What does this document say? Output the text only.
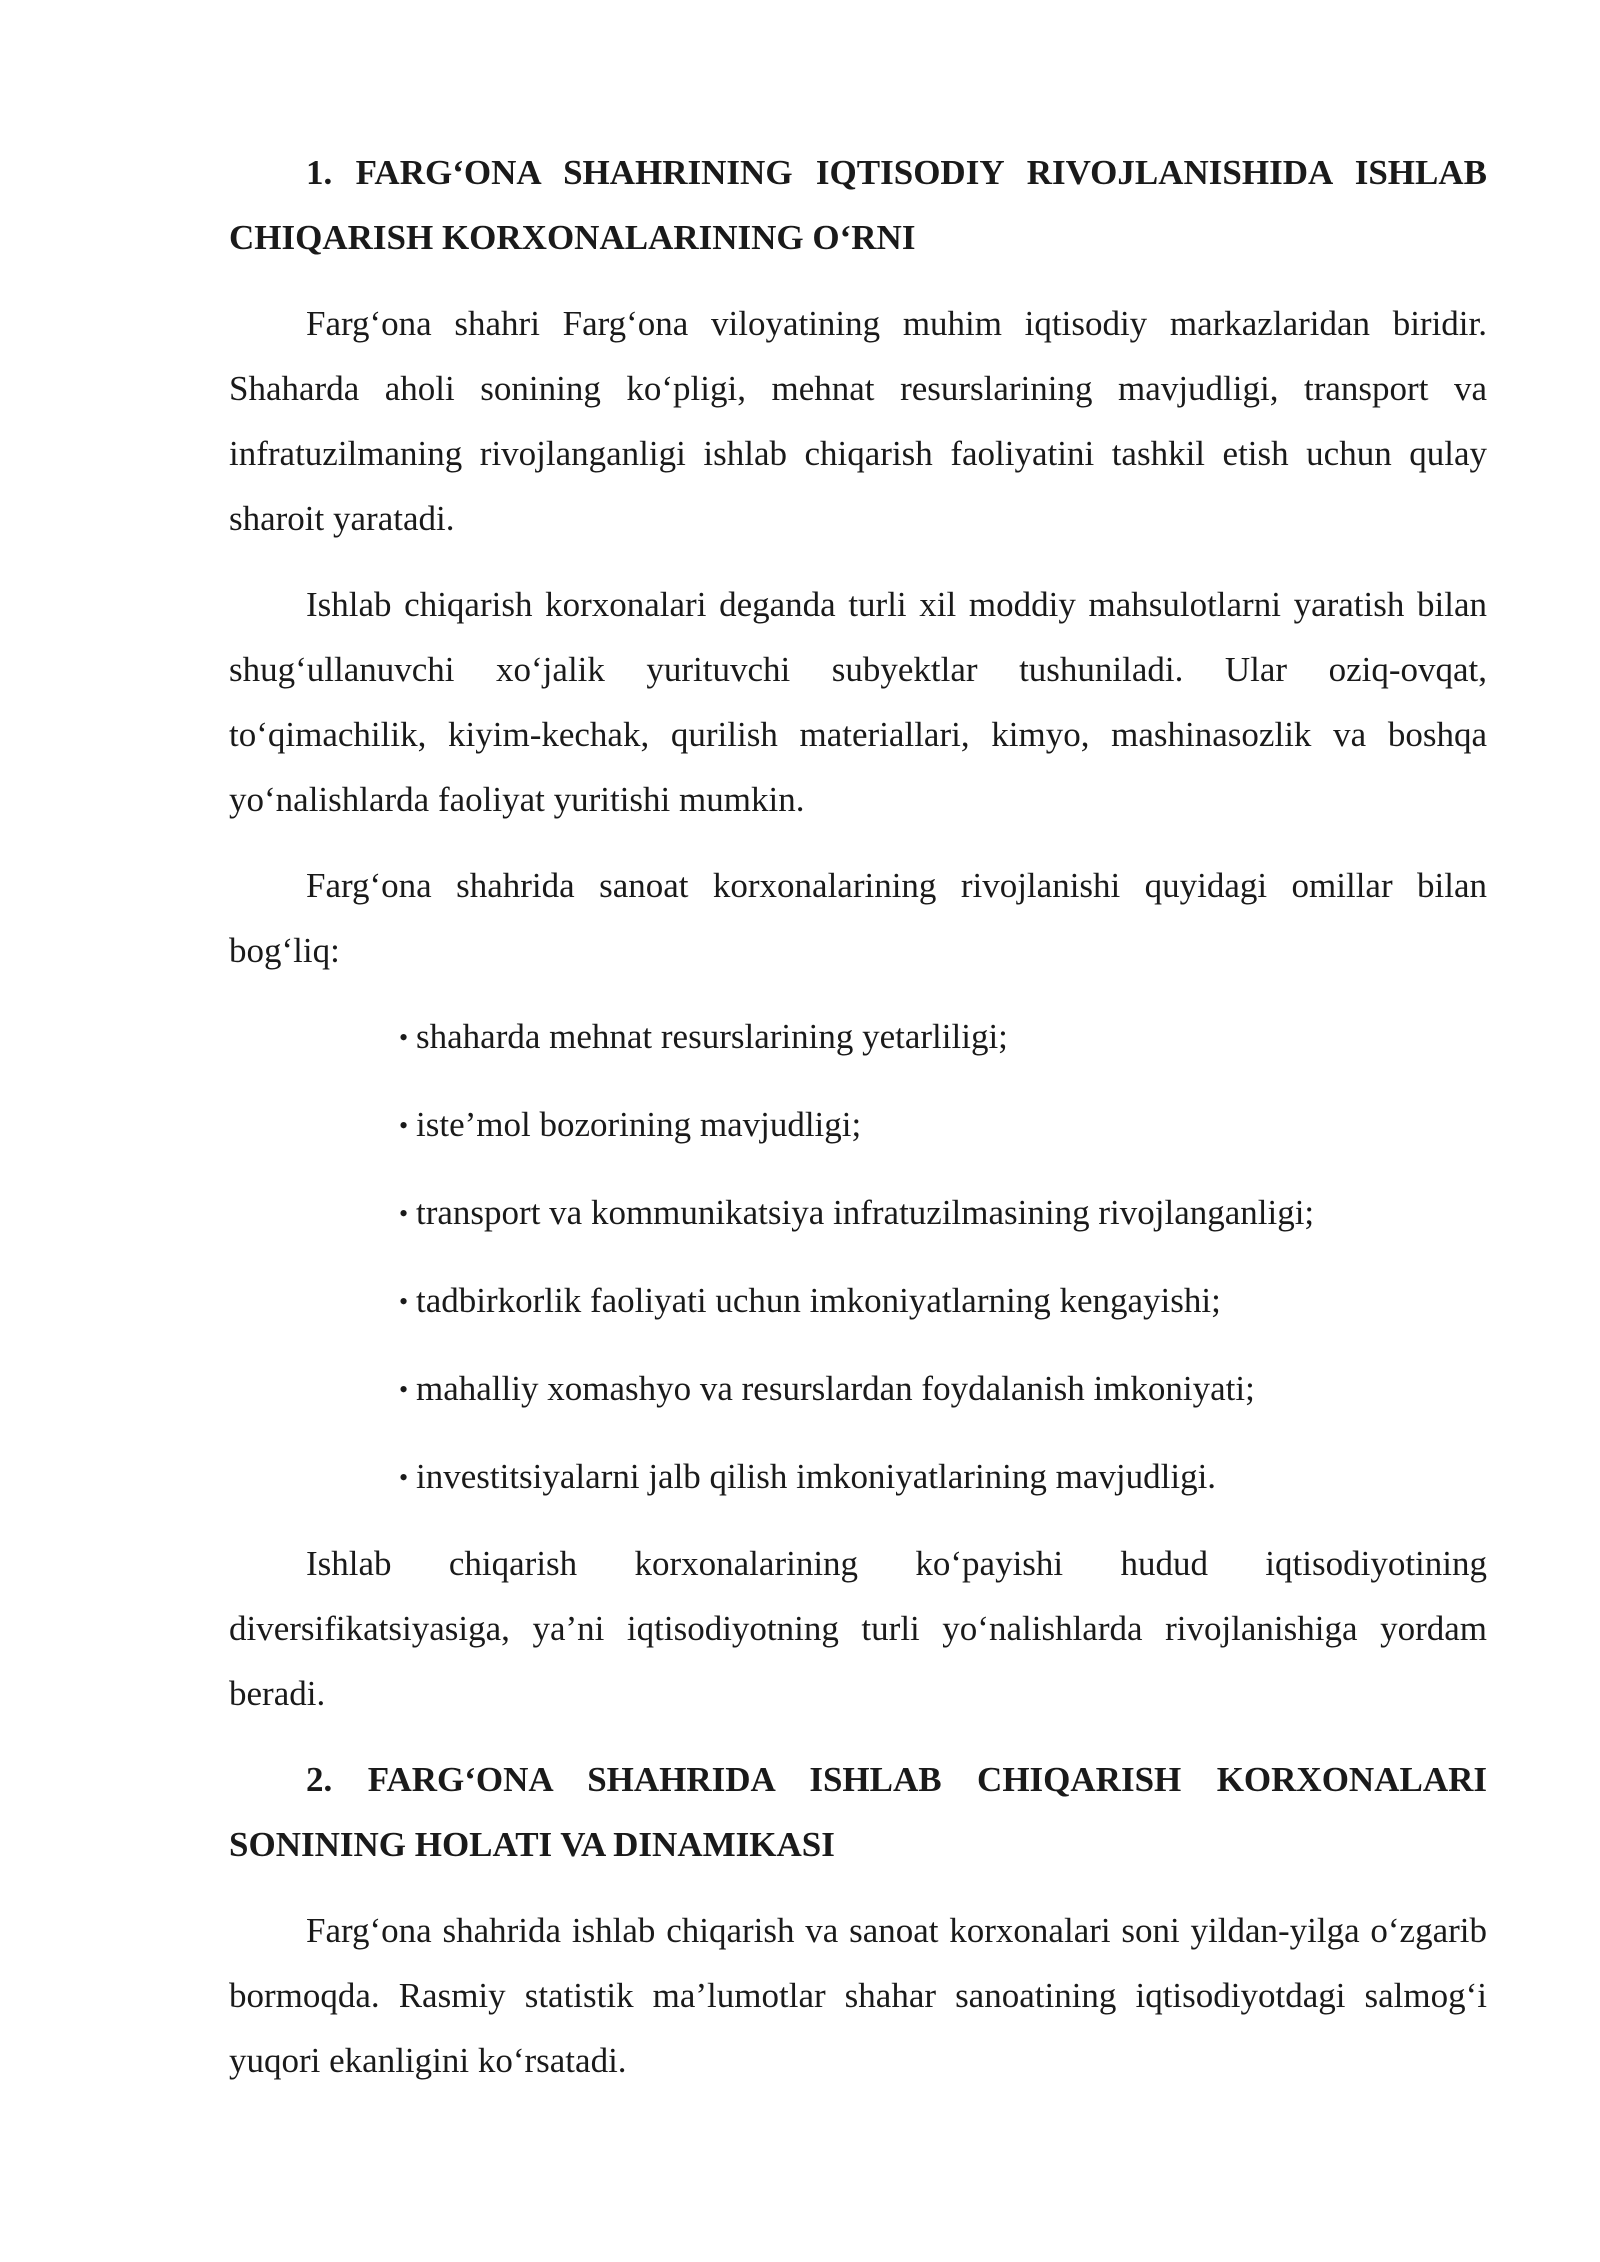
1. FARG‘ONA SHAHRINING IQTISODIY RIVOJLANISHIDA ISHLAB CHIQARISH KORXONALARINING O‘RNI

Farg‘ona shahri Farg‘ona viloyatining muhim iqtisodiy markazlaridan biridir. Shaharda aholi sonining ko‘pligi, mehnat resurslarining mavjudligi, transport va infratuzilmaning rivojlanganligi ishlab chiqarish faoliyatini tashkil etish uchun qulay sharoit yaratadi.

Ishlab chiqarish korxonalari deganda turli xil moddiy mahsulotlarni yaratish bilan shug‘ullanuvchi xo‘jalik yurituvchi subyektlar tushuniladi. Ular oziq-ovqat, to‘qimachilik, kiyim-kechak, qurilish materiallari, kimyo, mashinasozlik va boshqa yo‘nalishlarda faoliyat yuritishi mumkin.

Farg‘ona shahrida sanoat korxonalarining rivojlanishi quyidagi omillar bilan bog‘liq:

• shaharda mehnat resurslarining yetarliligi;
• iste’mol bozorining mavjudligi;
• transport va kommunikatsiya infratuzilmasining rivojlanganligi;
• tadbirkorlik faoliyati uchun imkoniyatlarning kengayishi;
• mahalliy xomashyo va resurslardan foydalanish imkoniyati;
• investitsiyalarni jalb qilish imkoniyatlarining mavjudligi.

Ishlab chiqarish korxonalarining ko‘payishi hudud iqtisodiyotining diversifikatsiyasiga, ya’ni iqtisodiyotning turli yo‘nalishlarda rivojlanishiga yordam beradi.

2. FARG‘ONA SHAHRIDA ISHLAB CHIQARISH KORXONALARI SONINING HOLATI VA DINAMIKASI

Farg‘ona shahrida ishlab chiqarish va sanoat korxonalari soni yildan-yilga o‘zgarib bormoqda. Rasmiy statistik ma’lumotlar shahar sanoatining iqtisodiyotdagi salmog‘i yuqori ekanligini ko‘rsatadi.
